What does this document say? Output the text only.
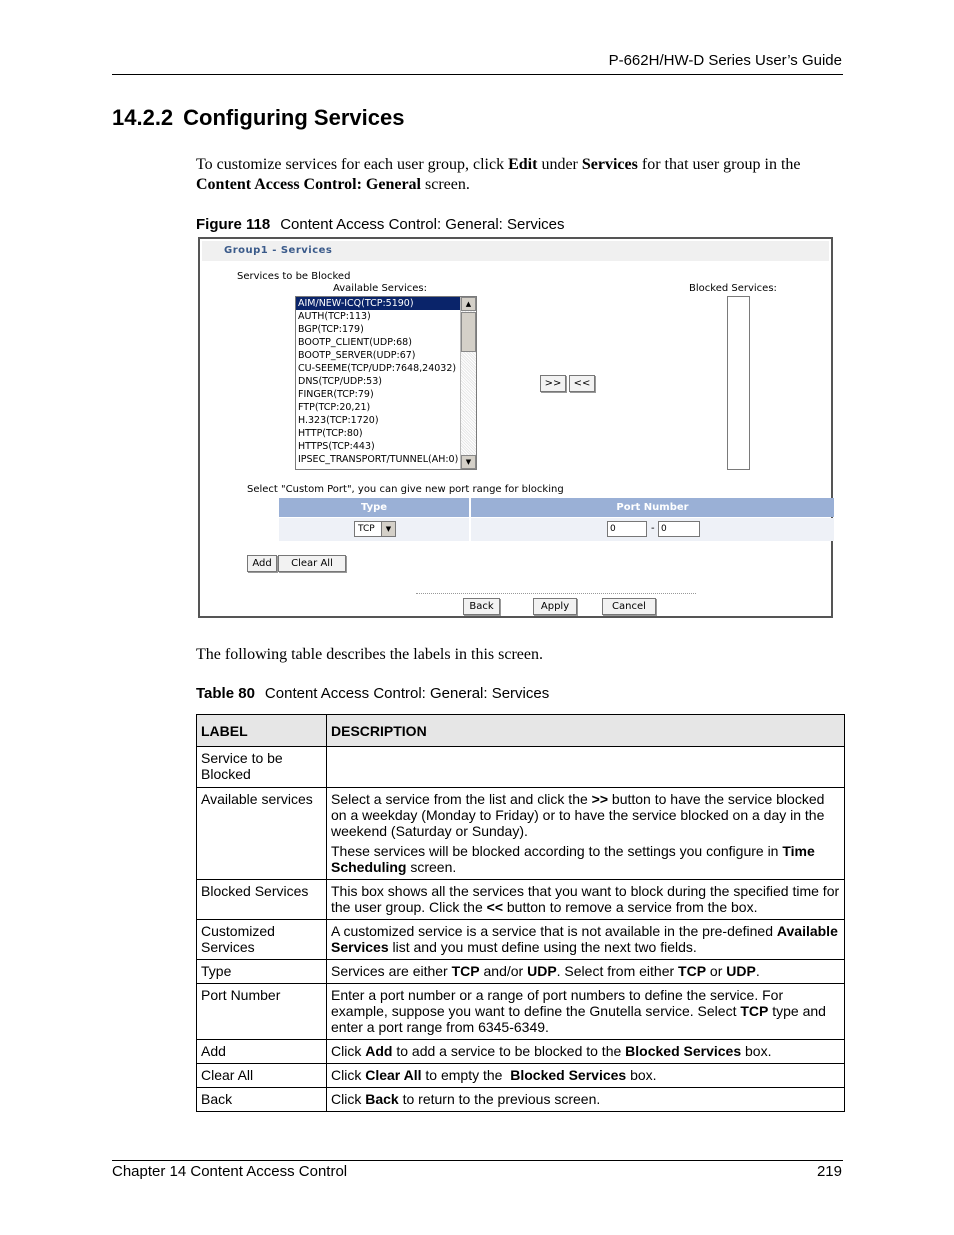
P-662H/HW-D Series User’s Guide
14.2.2 Configuring Services
To customize services for each user group, click Edit under Services for that user group in the Content Access Control: General screen.
Figure 118 Content Access Control: General: Services
Group1 - Services
Services to be Blocked
Available Services:	Blocked Services:
AIM/NEW-ICQ(TCP:5190)
AUTH(TCP:113)
BGP(TCP:179)
BOOTP_CLIENT(UDP:68)
BOOTP_SERVER(UDP:67)
CU-SEEME(TCP/UDP:7648,24032)
DNS(TCP/UDP:53)
FINGER(TCP:79)
FTP(TCP:20,21)
H.323(TCP:1720)
HTTP(TCP:80)
HTTPS(TCP:443)
IPSEC_TRANSPORT/TUNNEL(AH:0)
▲
▼
>>	<<
Select "Custom Port", you can give new port range for blocking
Type	Port Number
TCP	▼	0	- 0
Add	Clear All
Back	Apply	Cancel
The following table describes the labels in this screen.
Table 80 Content Access Control: General: Services
LABEL	DESCRIPTION
Service to be Blocked	
Available services	Select a service from the list and click the >> button to have the service blocked on a weekday (Monday to Friday) or to have the service blocked on a day in the weekend (Saturday or Sunday).

These services will be blocked according to the settings you configure in Time Scheduling screen.

Blocked Services	This box shows all the services that you want to block during the specified time for the user group. Click the << button to remove a service from the box.
Customized Services	A customized service is a service that is not available in the pre-defined Available Services list and you must define using the next two fields.
Type	Services are either TCP and/or UDP. Select from either TCP or UDP.
Port Number	Enter a port number or a range of port numbers to define the service. For example, suppose you want to define the Gnutella service. Select TCP type and enter a port range from 6345-6349.
Add	Click Add to add a service to be blocked to the Blocked Services box.
Clear All	Click Clear All to empty the  Blocked Services box.
Back	Click Back to return to the previous screen.
Chapter 14 Content Access Control	219
